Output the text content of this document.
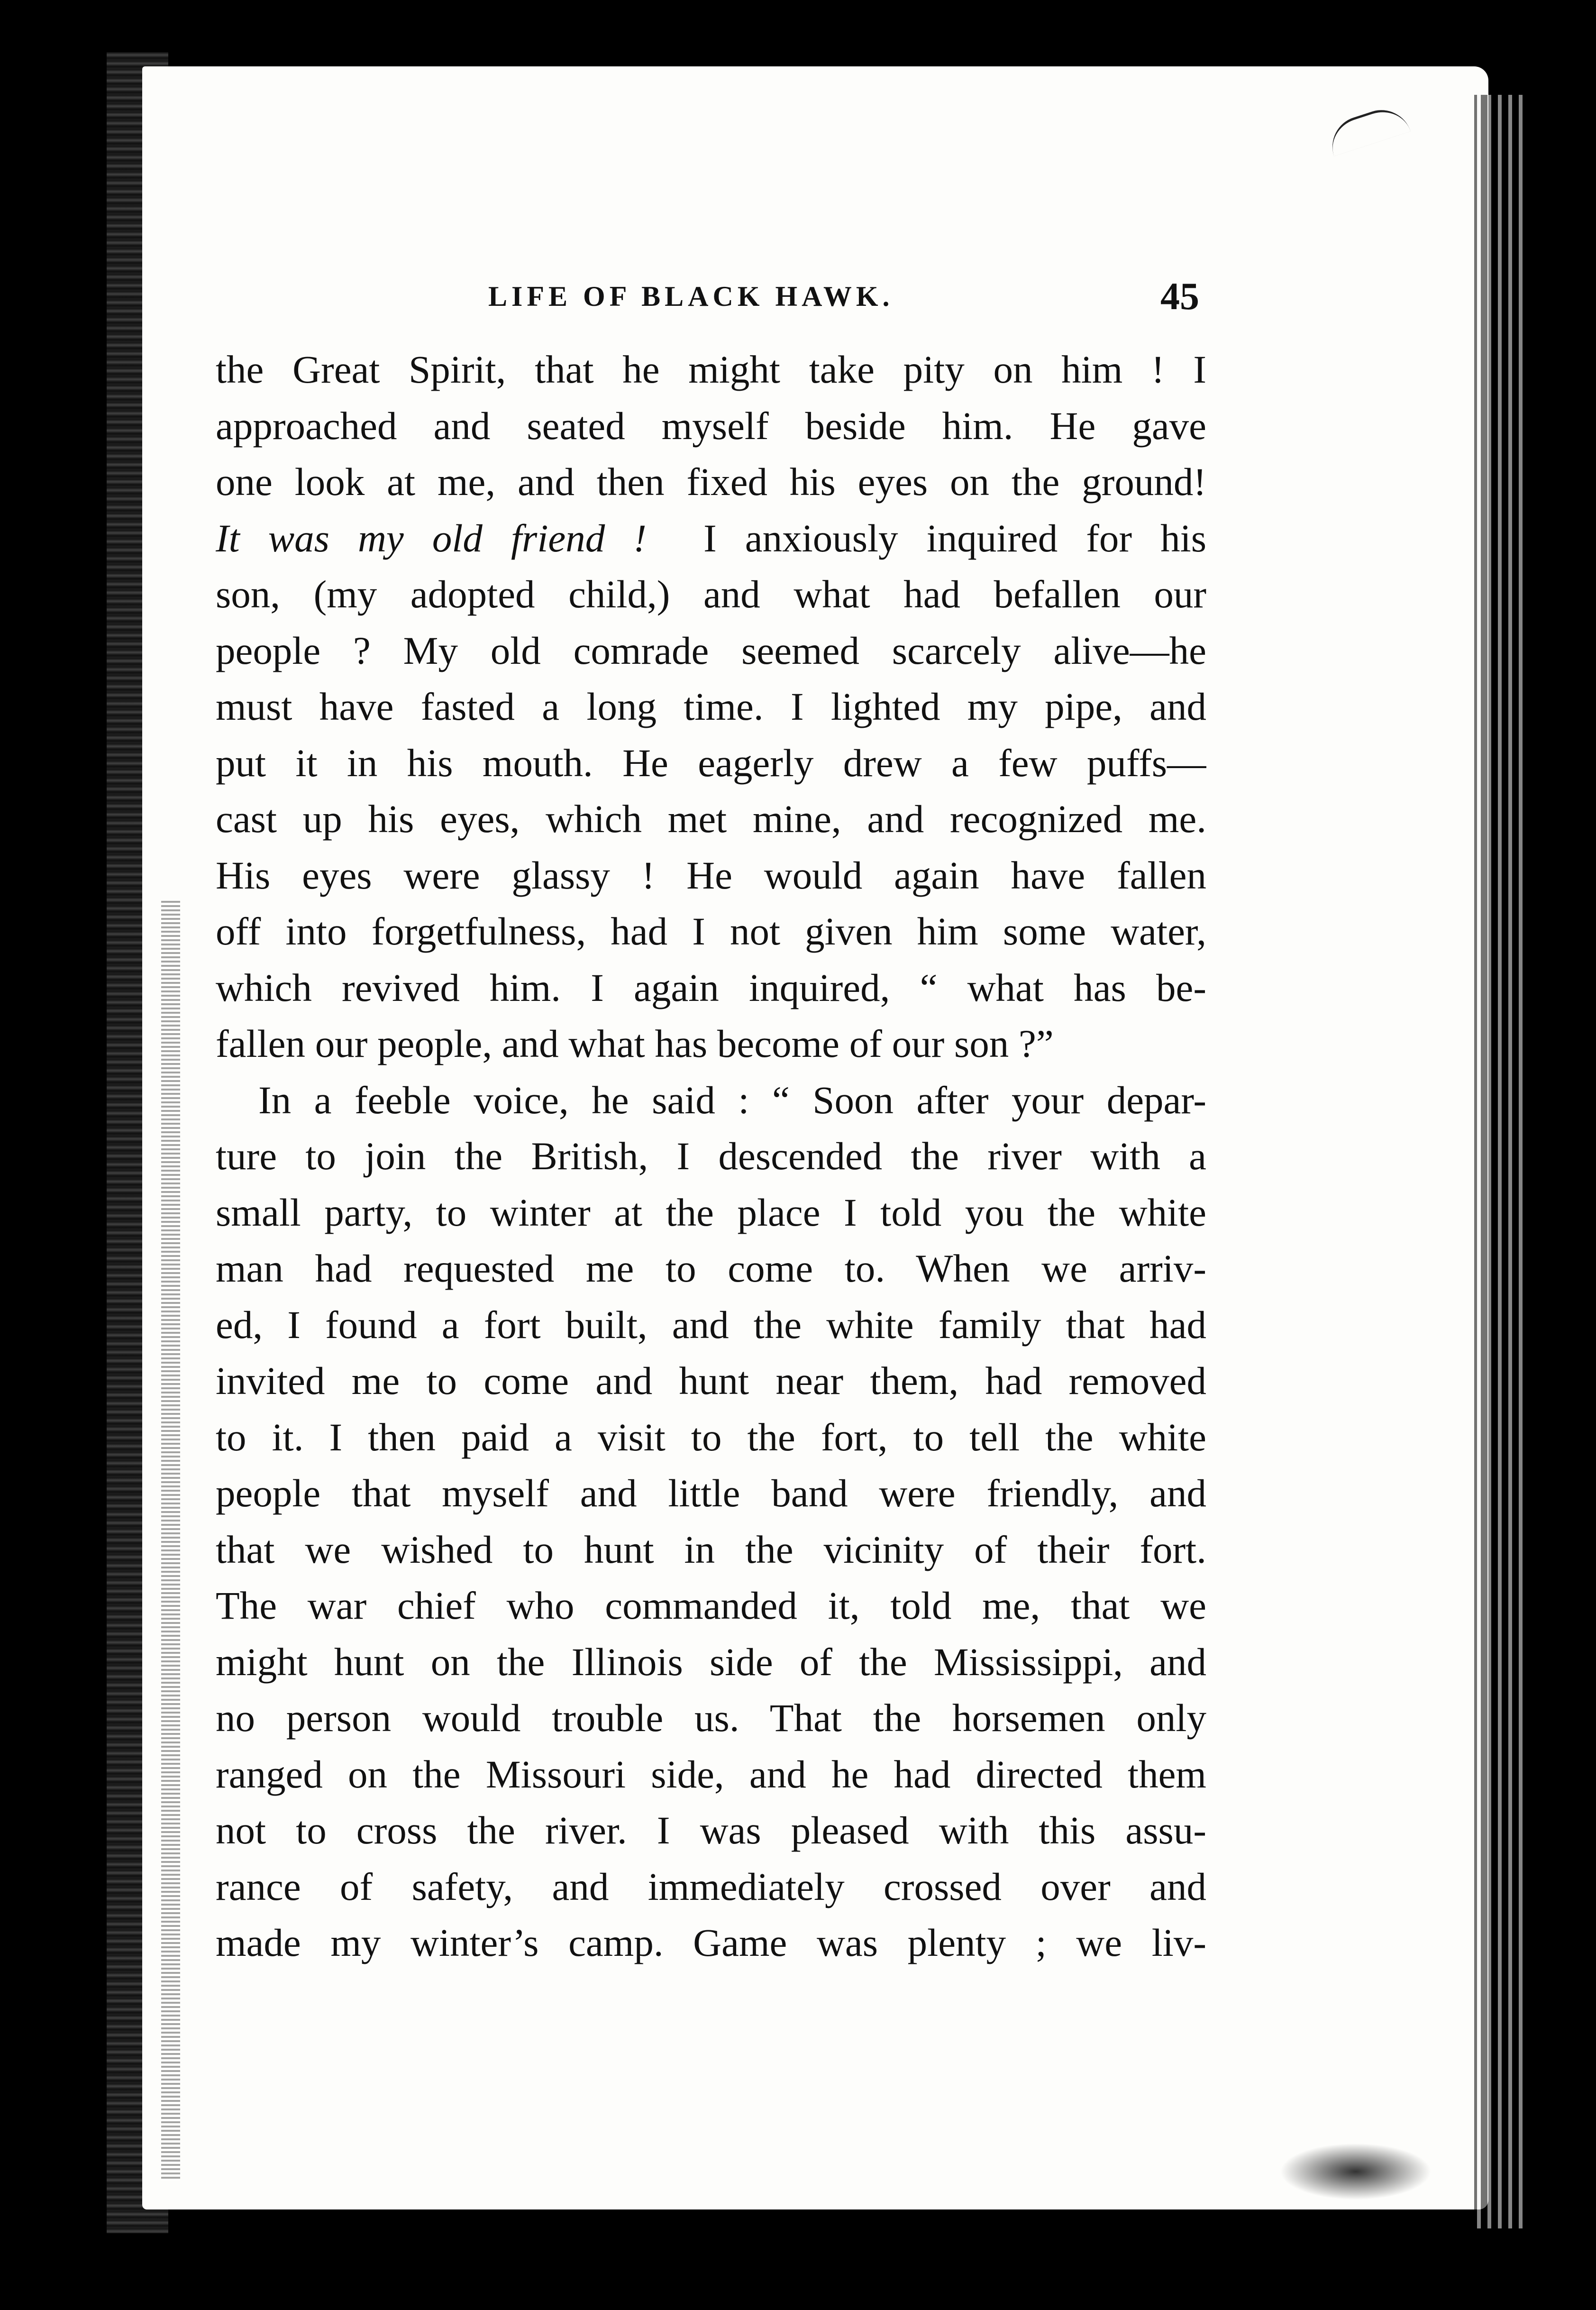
LIFE OF BLACK HAWK.	45
the Great Spirit, that he might take pity on him ! I
approached and seated myself beside him. He gave
one look at me, and then fixed his eyes on the ground!
It was my old friend ! I anxiously inquired for his
son, (my adopted child,) and what had befallen our
people ? My old comrade seemed scarcely alive—he
must have fasted a long time. I lighted my pipe, and
put it in his mouth. He eagerly drew a few puffs—
cast up his eyes, which met mine, and recognized me.
His eyes were glassy ! He would again have fallen
off into forgetfulness, had I not given him some water,
which revived him. I again inquired, “ what has be-
fallen our people, and what has become of our son ?”
In a feeble voice, he said : “ Soon after your depar-
ture to join the British, I descended the river with a
small party, to winter at the place I told you the white
man had requested me to come to. When we arriv-
ed, I found a fort built, and the white family that had
invited me to come and hunt near them, had removed
to it. I then paid a visit to the fort, to tell the white
people that myself and little band were friendly, and
that we wished to hunt in the vicinity of their fort.
The war chief who commanded it, told me, that we
might hunt on the Illinois side of the Mississippi, and
no person would trouble us. That the horsemen only
ranged on the Missouri side, and he had directed them
not to cross the river. I was pleased with this assu-
rance of safety, and immediately crossed over and
made my winter’s camp. Game was plenty ; we liv-
